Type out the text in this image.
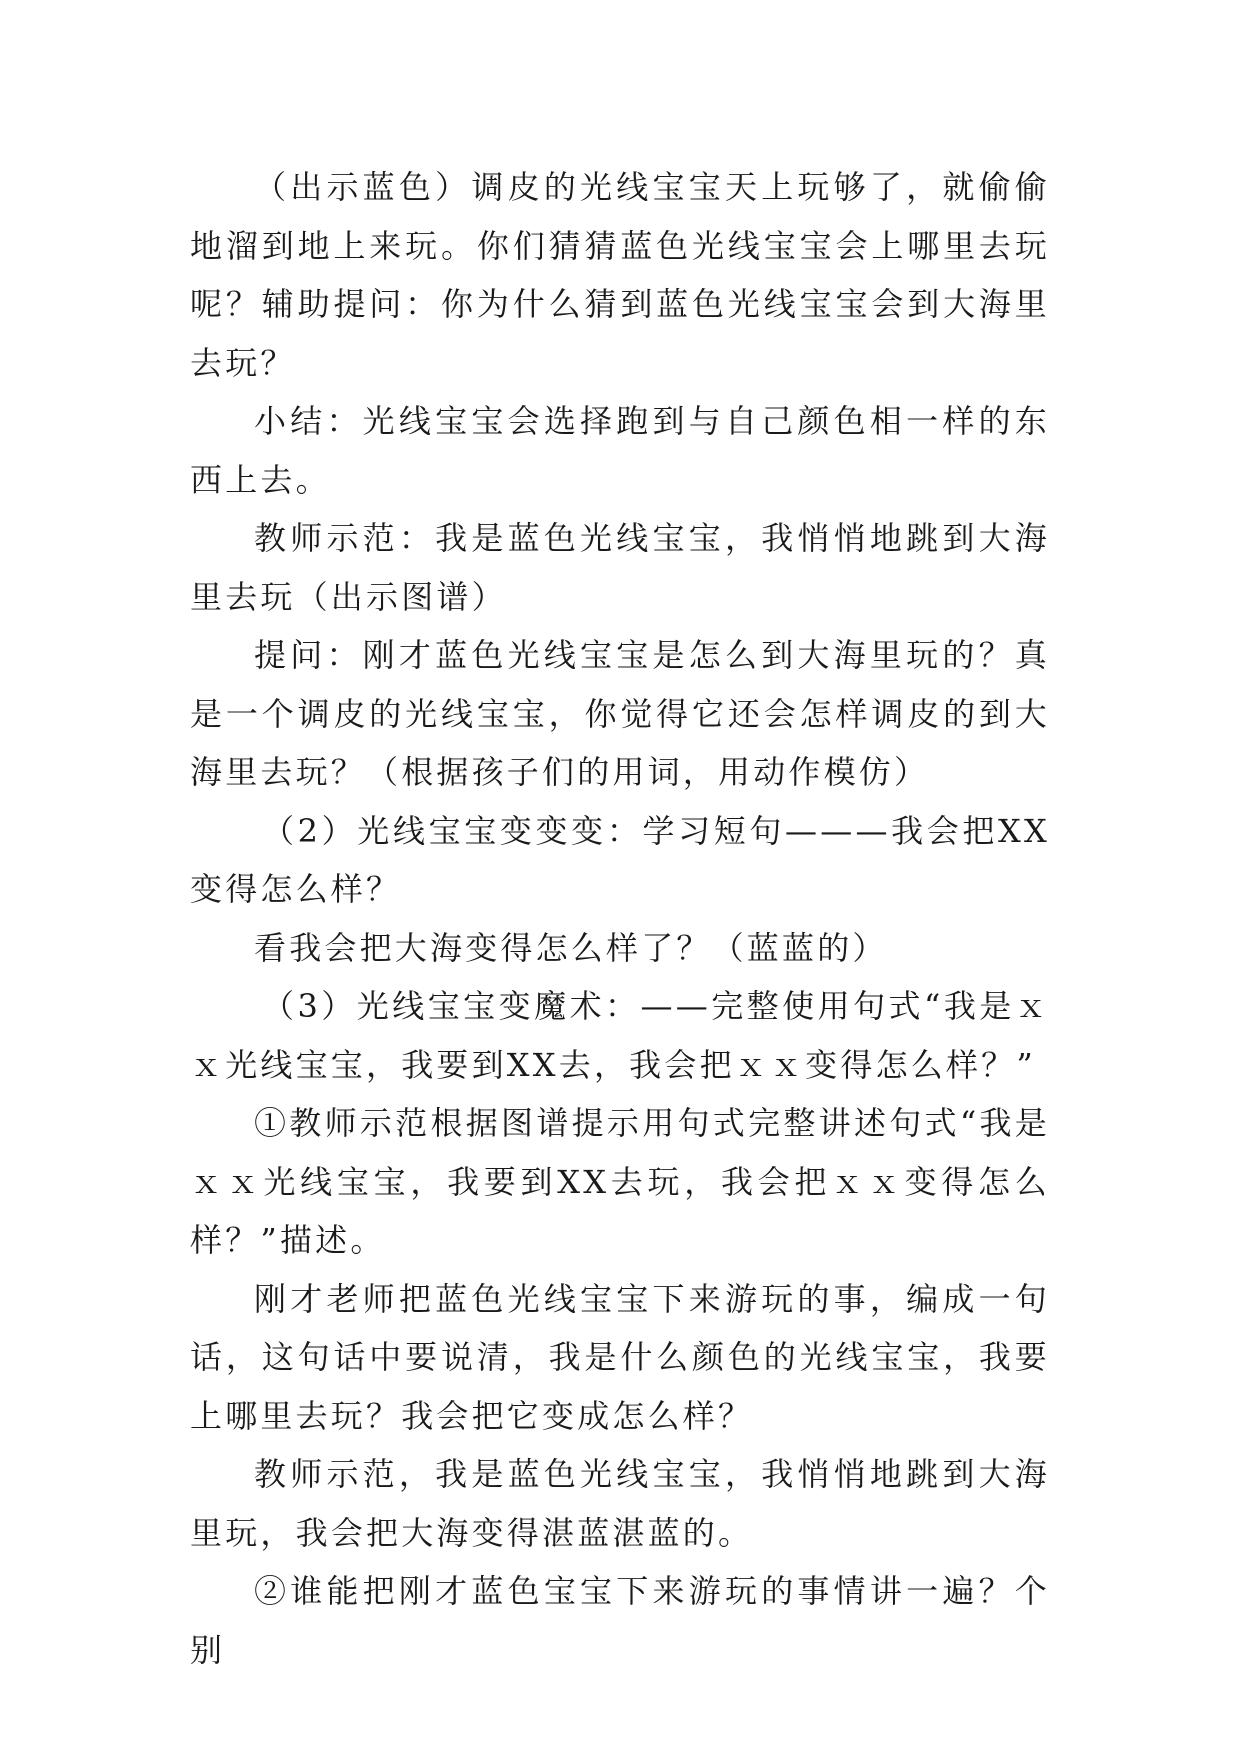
（出示蓝色）调皮的光线宝宝天上玩够了，就偷偷地溜到地上来玩。你们猜猜蓝色光线宝宝会上哪里去玩呢？辅助提问：你为什么猜到蓝色光线宝宝会到大海里去玩？

小结：光线宝宝会选择跑到与自己颜色相一样的东西上去。

教师示范：我是蓝色光线宝宝，我悄悄地跳到大海里去玩（出示图谱）

提问：刚才蓝色光线宝宝是怎么到大海里玩的？真是一个调皮的光线宝宝，你觉得它还会怎样调皮的到大海里去玩？（根据孩子们的用词，用动作模仿）

（2）光线宝宝变变变：学习短句———我会把XX变得怎么样？

看我会把大海变得怎么样了？（蓝蓝的）

（3）光线宝宝变魔术：——完整使用句式“我是ｘｘ光线宝宝，我要到XX去，我会把ｘｘ变得怎么样？”

①教师示范根据图谱提示用句式完整讲述句式“我是ｘｘ光线宝宝，我要到XX去玩，我会把ｘｘ变得怎么样？”描述。

刚才老师把蓝色光线宝宝下来游玩的事，编成一句话，这句话中要说清，我是什么颜色的光线宝宝，我要上哪里去玩？我会把它变成怎么样？

教师示范，我是蓝色光线宝宝，我悄悄地跳到大海里玩，我会把大海变得湛蓝湛蓝的。

②谁能把刚才蓝色宝宝下来游玩的事情讲一遍？个别
